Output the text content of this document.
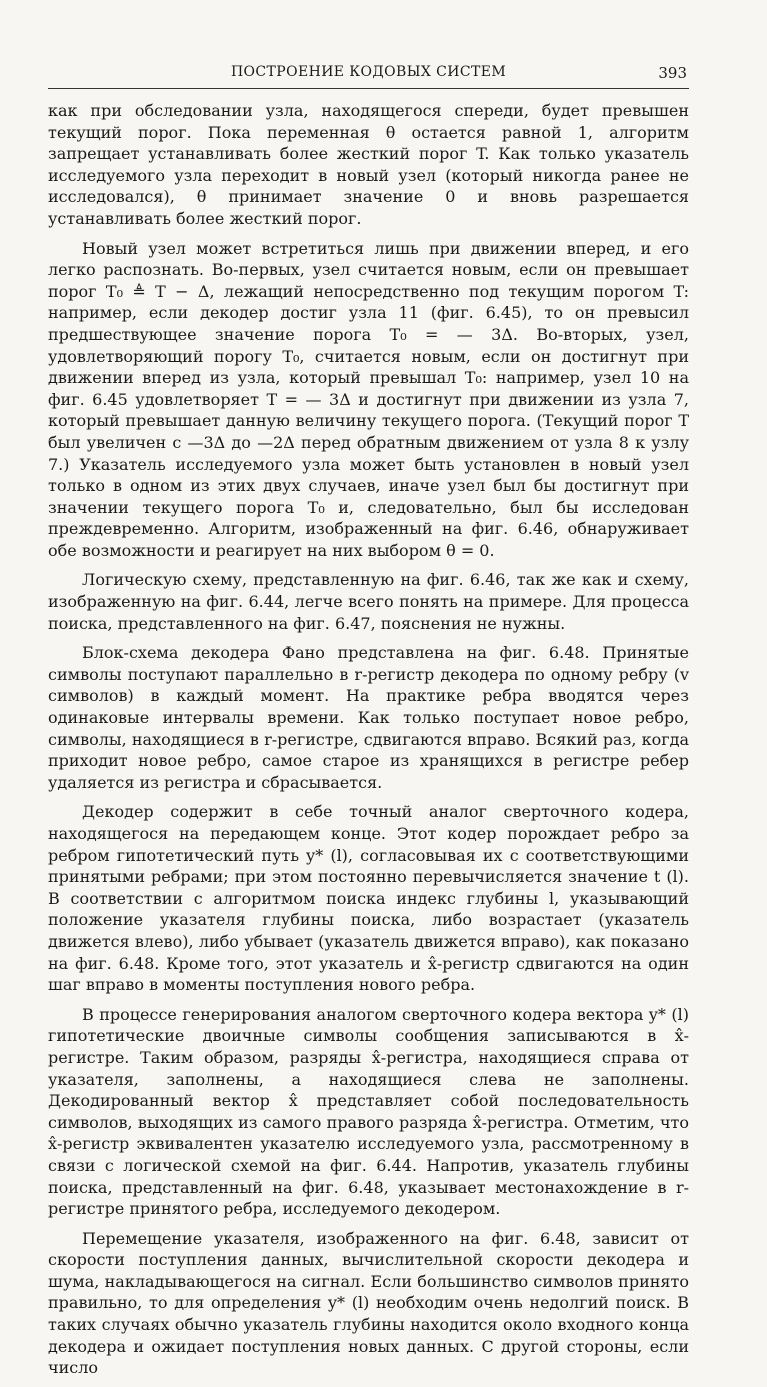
ПОСТРОЕНИЕ КОДОВЫХ СИСТЕМ	393

как при обследовании узла, находящегося спереди, будет превышен текущий порог. Пока переменная θ остается равной 1, алгоритм запрещает устанавливать более жесткий порог T. Как только указатель исследуемого узла переходит в новый узел (который никогда ранее не исследовался), θ принимает значение 0 и вновь разрешается устанавливать более жесткий порог.

Новый узел может встретиться лишь при движении вперед, и его легко распознать. Во-первых, узел считается новым, если он превышает порог T₀ ≜ T − Δ, лежащий непосредственно под текущим порогом T: например, если декодер достиг узла 11 (фиг. 6.45), то он превысил предшествующее значение порога T₀ = — 3Δ. Во-вторых, узел, удовлетворяющий порогу T₀, считается новым, если он достигнут при движении вперед из узла, который превышал T₀: например, узел 10 на фиг. 6.45 удовлетворяет T = — 3Δ и достигнут при движении из узла 7, который превышает данную величину текущего порога. (Текущий порог T был увеличен с —3Δ до —2Δ перед обратным движением от узла 8 к узлу 7.) Указатель исследуемого узла может быть установлен в новый узел только в одном из этих двух случаев, иначе узел был бы достигнут при значении текущего порога T₀ и, следовательно, был бы исследован преждевременно. Алгоритм, изображенный на фиг. 6.46, обнаруживает обе возможности и реагирует на них выбором θ = 0.

Логическую схему, представленную на фиг. 6.46, так же как и схему, изображенную на фиг. 6.44, легче всего понять на примере. Для процесса поиска, представленного на фиг. 6.47, пояснения не нужны.

Блок-схема декодера Фано представлена на фиг. 6.48. Принятые символы поступают параллельно в r-регистр декодера по одному ребру (v символов) в каждый момент. На практике ребра вводятся через одинаковые интервалы времени. Как только поступает новое ребро, символы, находящиеся в r-регистре, сдвигаются вправо. Всякий раз, когда приходит новое ребро, самое старое из хранящихся в регистре ребер удаляется из регистра и сбрасывается.

Декодер содержит в себе точный аналог сверточного кодера, находящегося на передающем конце. Этот кодер порождает ребро за ребром гипотетический путь y* (l), согласовывая их с соответствующими принятыми ребрами; при этом постоянно перевычисляется значение t (l). В соответствии с алгоритмом поиска индекс глубины l, указывающий положение указателя глубины поиска, либо возрастает (указатель движется влево), либо убывает (указатель движется вправо), как показано на фиг. 6.48. Кроме того, этот указатель и x̂-регистр сдвигаются на один шаг вправо в моменты поступления нового ребра.

В процессе генерирования аналогом сверточного кодера вектора y* (l) гипотетические двоичные символы сообщения записываются в x̂-регистре. Таким образом, разряды x̂-регистра, находящиеся справа от указателя, заполнены, а находящиеся слева не заполнены. Декодированный вектор x̂ представляет собой последовательность символов, выходящих из самого правого разряда x̂-регистра. Отметим, что x̂-регистр эквивалентен указателю исследуемого узла, рассмотренному в связи с логической схемой на фиг. 6.44. Напротив, указатель глубины поиска, представленный на фиг. 6.48, указывает местонахождение в r-регистре принятого ребра, исследуемого декодером.

Перемещение указателя, изображенного на фиг. 6.48, зависит от скорости поступления данных, вычислительной скорости декодера и шума, накладывающегося на сигнал. Если большинство символов принято правильно, то для определения y* (l) необходим очень недолгий поиск. В таких случаях обычно указатель глубины находится около входного конца декодера и ожидает поступления новых данных. С другой стороны, если число
